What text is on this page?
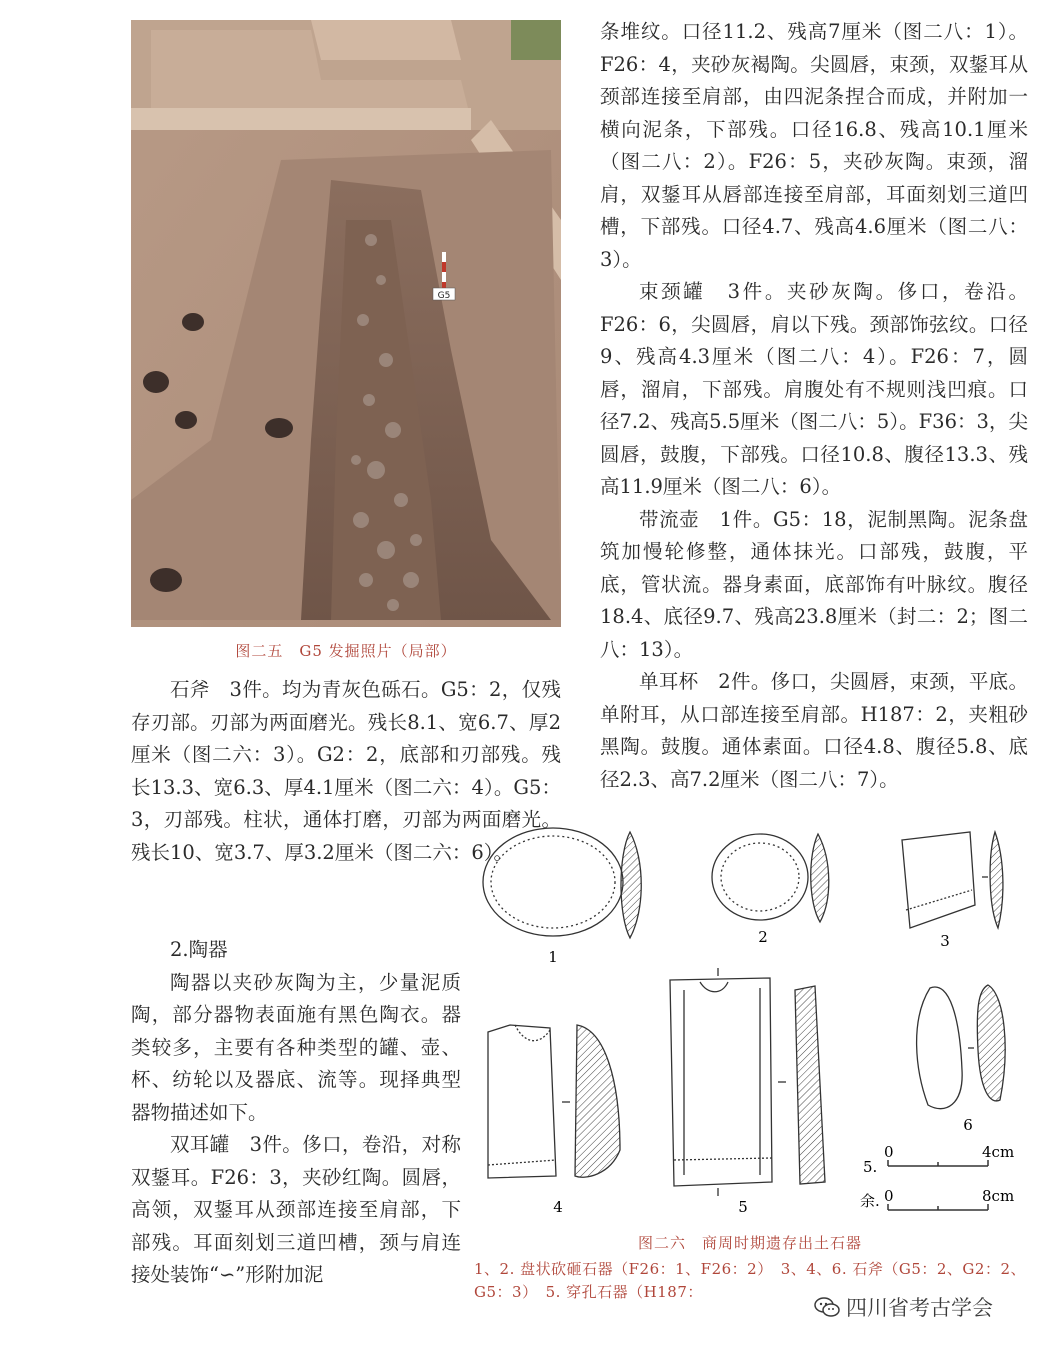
G5
图二五　G5 发掘照片（局部）

石斧　3件。均为青灰色砾石。G5：2，仅残存刃部。刃部为两面磨光。残长8.1、宽6.7、厚2厘米（图二六：3）。G2：2，底部和刃部残。残长13.3、宽6.3、厚4.1厘米（图二六：4）。G5：3，刃部残。柱状，通体打磨，刃部为两面磨光。残长10、宽3.7、厚3.2厘米（图二六：6）。

2.陶器

陶器以夹砂灰陶为主，少量泥质陶，部分器物表面施有黑色陶衣。器类较多，主要有各种类型的罐、壶、杯、纺轮以及器底、流等。现择典型器物描述如下。

双耳罐　3件。侈口，卷沿，对称双鋬耳。F26：3，夹砂红陶。圆唇，高领，双鋬耳从颈部连接至肩部，下部残。耳面刻划三道凹槽，颈与肩连接处装饰“∽”形附加泥

条堆纹。口径11.2、残高7厘米（图二八：1）。F26：4，夹砂灰褐陶。尖圆唇，束颈，双鋬耳从颈部连接至肩部，由四泥条捏合而成，并附加一横向泥条，下部残。口径16.8、残高10.1厘米（图二八：2）。F26：5，夹砂灰陶。束颈，溜肩，双鋬耳从唇部连接至肩部，耳面刻划三道凹槽，下部残。口径4.7、残高4.6厘米（图二八：3）。

束颈罐　3件。夹砂灰陶。侈口，卷沿。F26：6，尖圆唇，肩以下残。颈部饰弦纹。口径9、残高4.3厘米（图二八：4）。F26：7，圆唇，溜肩，下部残。肩腹处有不规则浅凹痕。口径7.2、残高5.5厘米（图二八：5）。F36：3，尖圆唇，鼓腹，下部残。口径10.8、腹径13.3、残高11.9厘米（图二八：6）。

带流壶　1件。G5：18，泥制黑陶。泥条盘筑加慢轮修整，通体抹光。口部残，鼓腹，平底，管状流。器身素面，底部饰有叶脉纹。腹径18.4、底径9.7、残高23.8厘米（封二：2；图二八：13）。

单耳杯　2件。侈口，尖圆唇，束颈，平底。单附耳，从口部连接至肩部。H187：2，夹粗砂黑陶。鼓腹。通体素面。口径4.8、腹径5.8、底径2.3、高7.2厘米（图二八：7）。

1
2	3
4	5
6
5.
0	4cm
余. 0	8cm
图二六　商周时期遗存出土石器
1、2. 盘状砍砸石器（F26：1、F26：2）　3、4、6. 石斧（G5：2、G2：2、G5：3）　5. 穿孔石器（H187：
四川省考古学会
